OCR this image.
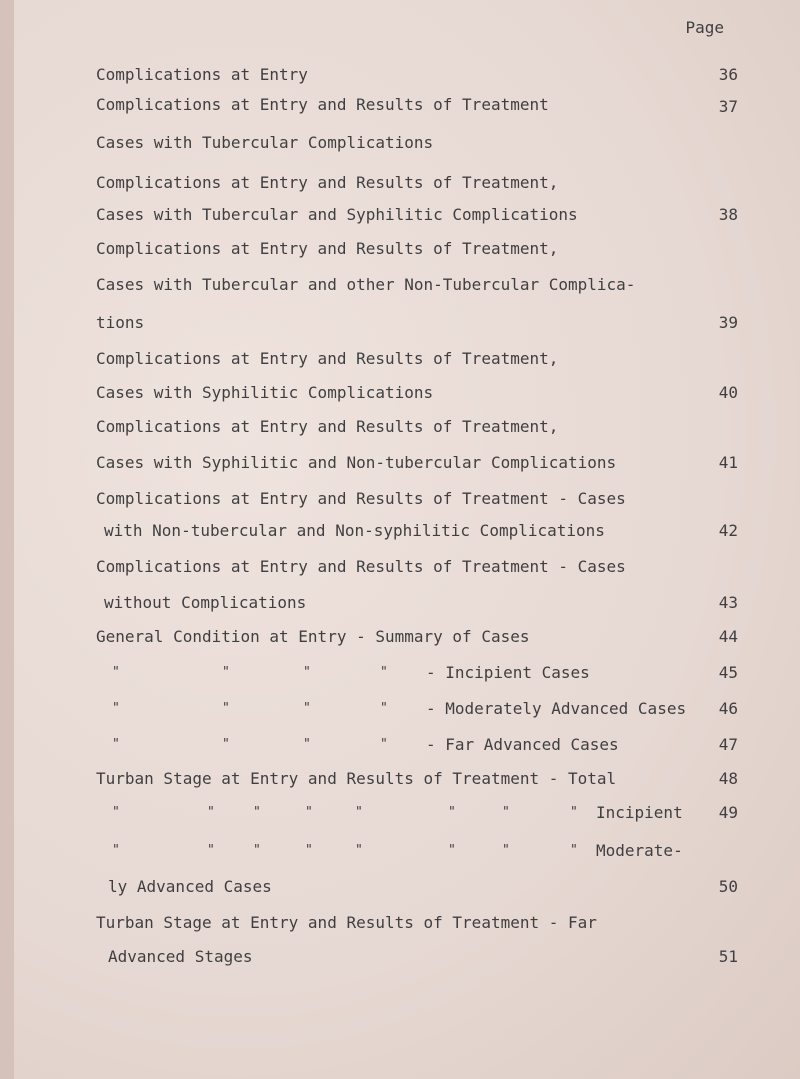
Page
Complications at Entry	36
Complications at Entry and Results of Treatment	37
Cases with Tubercular Complications
Complications at Entry and Results of Treatment,
Cases with Tubercular and Syphilitic Complications	38
Complications at Entry and Results of Treatment,
Cases with Tubercular and other Non-Tubercular Complica-
tions	39
Complications at Entry and Results of Treatment,
Cases with Syphilitic Complications	40
Complications at Entry and Results of Treatment,
Cases with Syphilitic and Non-tubercular Complications	41
Complications at Entry and Results of Treatment - Cases
with Non-tubercular and Non-syphilitic Complications	42
Complications at Entry and Results of Treatment - Cases
without Complications	43
General Condition at Entry - Summary of Cases	44
"	"	"	" - Incipient Cases	45
"	"	"	" - Moderately Advanced Cases 46
"	"	"	" - Far Advanced Cases	47
Turban Stage at Entry and Results of Treatment - Total	48
"	"	"	"	"	"	"	" Incipient 49
"	"	"	"	"	"	"	" Moderate-
ly Advanced Cases	50
Turban Stage at Entry and Results of Treatment - Far
Advanced Stages	51
